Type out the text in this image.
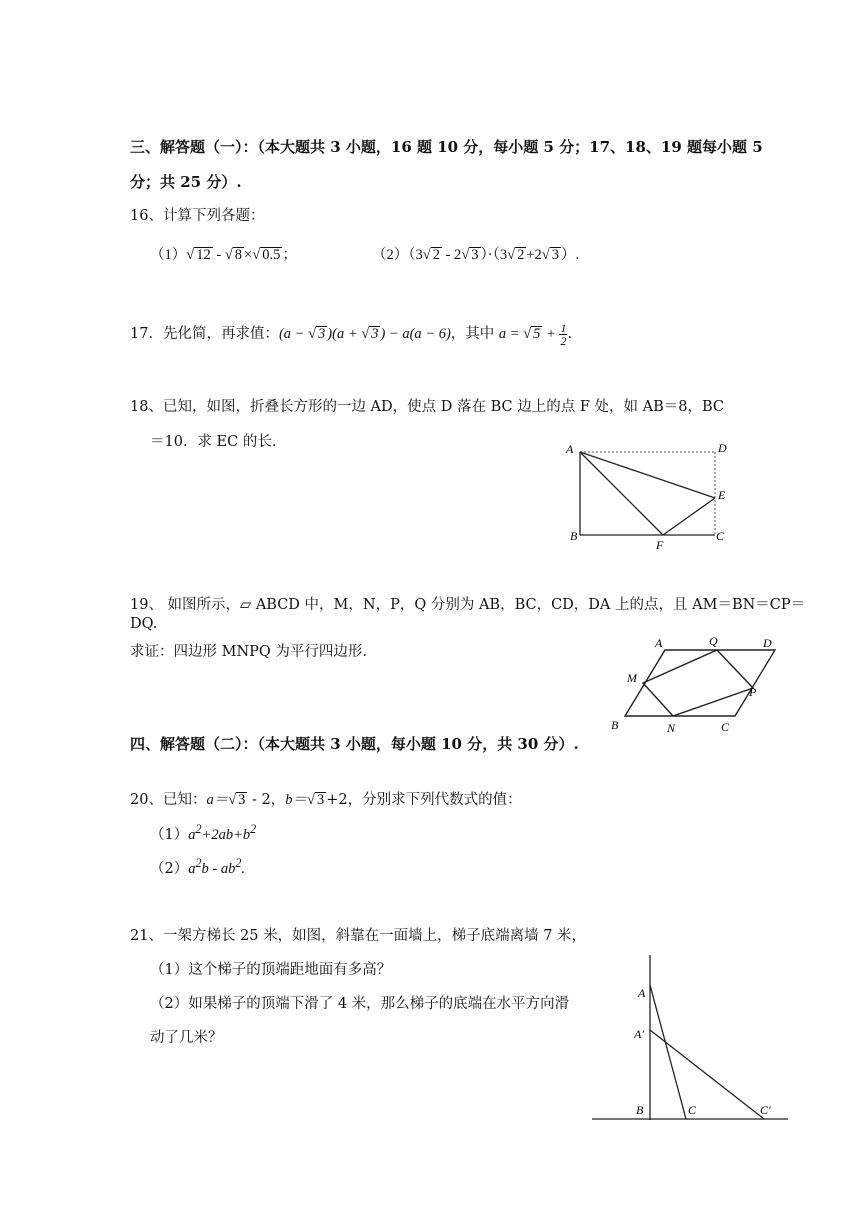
三、解答题（一）：（本大题共 3 小题，16 题 10 分，每小题 5 分；17、18、19 题每小题 5
分；共 25 分）.
16、计算下列各题：
（1）√ 12 - √ 8 ×√ 0.5 ；	（2）（3√ 2 - 2√ 3 ）·（3√ 2 +2√ 3 ）.
17．先化简，再求值：(a − √ 3 )(a + √ 3 ) − a(a − 6)，其中 a = √ $5 + \frac{1}{2}$ .
18、已知，如图，折叠长方形的一边 AD，使点 D 落在 BC 边上的点 F 处，如 AB＝8，BC
＝10．求 EC 的长.	A	D
E
B
F
C
19、 如图所示，▱ ABCD 中，M，N，P，Q 分别为 AB，BC，CD，DA 上的点，且 AM＝BN＝CP＝
DQ.
求证：四边形 MNPQ 为平行四边形.
A	Q	D
M
P
B	N	C
四、解答题（二）：（本大题共 3 小题，每小题 10 分，共 30 分）.
20、已知：a＝√ 3 - 2，b＝√ 3 +2，分别求下列代数式的值：
$(1)a^2+2ab+b^2$
$(2)a^2b - ab^2$.
21、一架方梯长 25 米，如图，斜靠在一面墙上，梯子底端离墙 7 米，
（1）这个梯子的顶端距地面有多高？
（2）如果梯子的顶端下滑了 4 米，那么梯子的底端在水平方向滑
动了几米？
A
A′
B	C	C′
